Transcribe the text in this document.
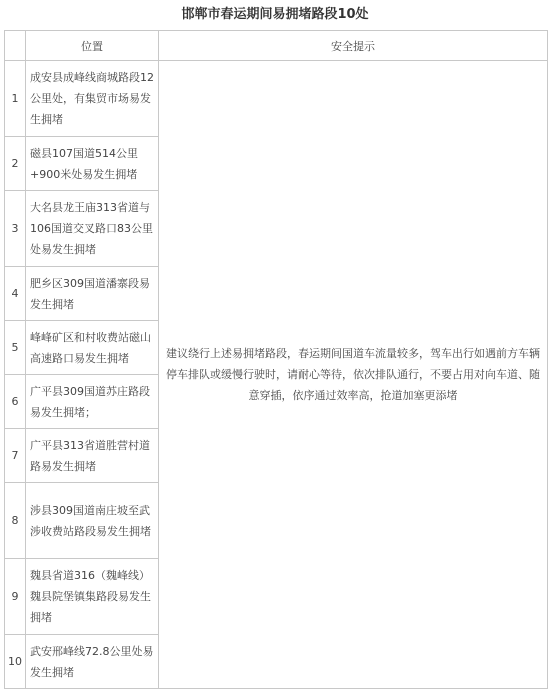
邯郸市春运期间易拥堵路段10处
	位置	安全提示
1	成安县成峰线商城路段12公里处，有集贸市场易发生拥堵	建议绕行上述易拥堵路段，春运期间国道车流量较多，驾车出行如遇前方车辆停车排队或缓慢行驶时，请耐心等待，依次排队通行，不要占用对向车道、随意穿插，依序通过效率高，抢道加塞更添堵
2	磁县107国道514公里+900米处易发生拥堵	
3	大名县龙王庙313省道与106国道交叉路口83公里处易发生拥堵	
4	肥乡区309国道潘寨段易发生拥堵	
5	峰峰矿区和村收费站磁山高速路口易发生拥堵	
6	广平县309国道苏庄路段易发生拥堵；	
7	广平县313省道胜营村道路易发生拥堵	
8	涉县309国道南庄坡至武涉收费站路段易发生拥堵	
9	魏县省道316（魏峰线）魏县院堡镇集路段易发生拥堵	
10	武安邢峰线72.8公里处易发生拥堵	
